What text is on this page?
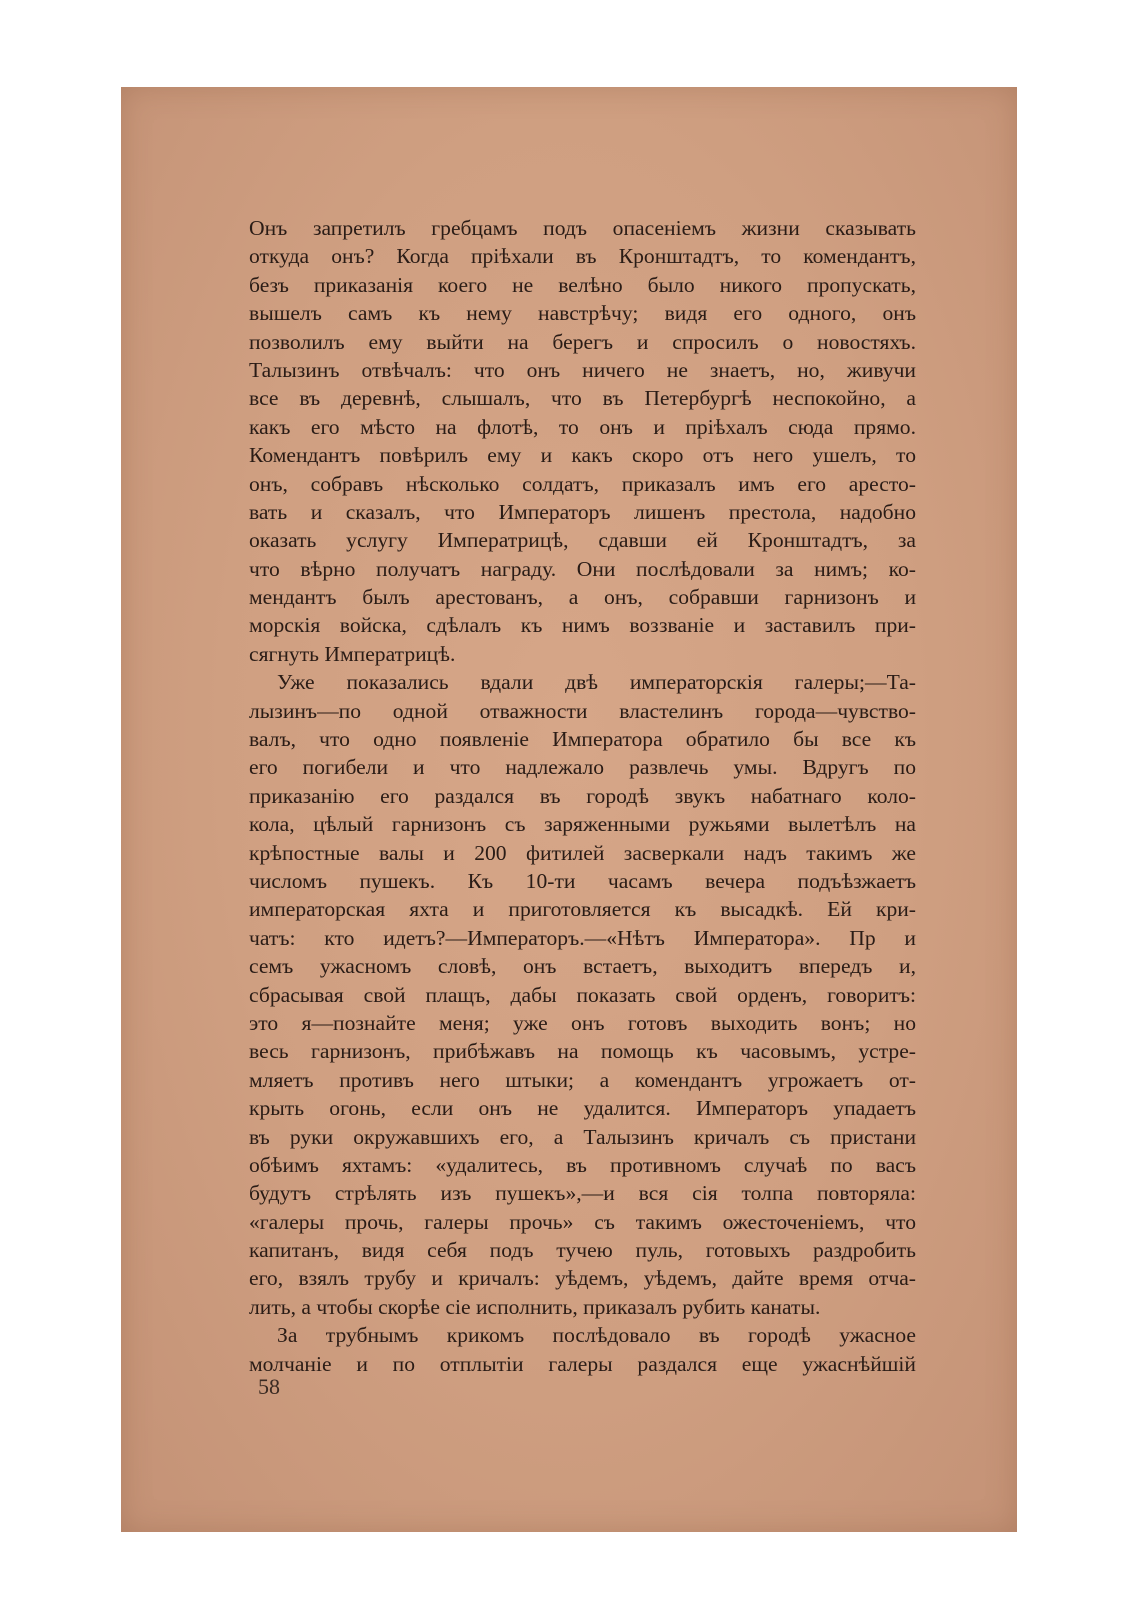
Онъ запретилъ гребцамъ подъ опасеніемъ жизни сказывать
откуда онъ? Когда пріѣхали въ Кронштадтъ, то комендантъ,
безъ приказанія коего не велѣно было никого пропускать,
вышелъ самъ къ нему навстрѣчу; видя его одного, онъ
позволилъ ему выйти на берегъ и спросилъ о новостяхъ.
Талызинъ отвѣчалъ: что онъ ничего не знаетъ, но, живучи
все въ деревнѣ, слышалъ, что въ Петербургѣ неспокойно, а
какъ его мѣсто на флотѣ, то онъ и пріѣхалъ сюда прямо.
Комендантъ повѣрилъ ему и какъ скоро отъ него ушелъ, то
онъ, собравъ нѣсколько солдатъ, приказалъ имъ его аресто-
вать и сказалъ, что Императоръ лишенъ престола, надобно
оказать услугу Императрицѣ, сдавши ей Кронштадтъ, за
что вѣрно получатъ награду. Они послѣдовали за нимъ; ко-
мендантъ былъ арестованъ, а онъ, собравши гарнизонъ и
морскія войска, сдѣлалъ къ нимъ воззваніе и заставилъ при-
сягнуть Императрицѣ.
Уже показались вдали двѣ императорскія галеры;—Та-
лызинъ—по одной отважности властелинъ города—чувство-
валъ, что одно появленіе Императора обратило бы все къ
его погибели и что надлежало развлечь умы. Вдругъ по
приказанію его раздался въ городѣ звукъ набатнаго коло-
кола, цѣлый гарнизонъ съ заряженными ружьями вылетѣлъ на
крѣпостные валы и 200 фитилей засверкали надъ такимъ же
числомъ пушекъ. Къ 10-ти часамъ вечера подъѣзжаетъ
императорская яхта и приготовляется къ высадкѣ. Ей кри-
чатъ: кто идетъ?—Императоръ.—«Нѣтъ Императора». Пр и
семъ ужасномъ словѣ, онъ встаетъ, выходитъ впередъ и,
сбрасывая свой плащъ, дабы показать свой орденъ, говоритъ:
это я—познайте меня; уже онъ готовъ выходить вонъ; но
весь гарнизонъ, прибѣжавъ на помощь къ часовымъ, устре-
мляетъ противъ него штыки; а комендантъ угрожаетъ от-
крыть огонь, если онъ не удалится. Императоръ упадаетъ
въ руки окружавшихъ его, а Талызинъ кричалъ съ пристани
обѣимъ яхтамъ: «удалитесь, въ противномъ случаѣ по васъ
будутъ стрѣлять изъ пушекъ»,—и вся сія толпа повторяла:
«галеры прочь, галеры прочь» съ такимъ ожесточеніемъ, что
капитанъ, видя себя подъ тучею пуль, готовыхъ раздробить
его, взялъ трубу и кричалъ: уѣдемъ, уѣдемъ, дайте время отча-
лить, а чтобы скорѣе сіе исполнить, приказалъ рубить канаты.
За трубнымъ крикомъ послѣдовало въ городѣ ужасное
молчаніе и по отплытіи галеры раздался еще ужаснѣйшій
58
